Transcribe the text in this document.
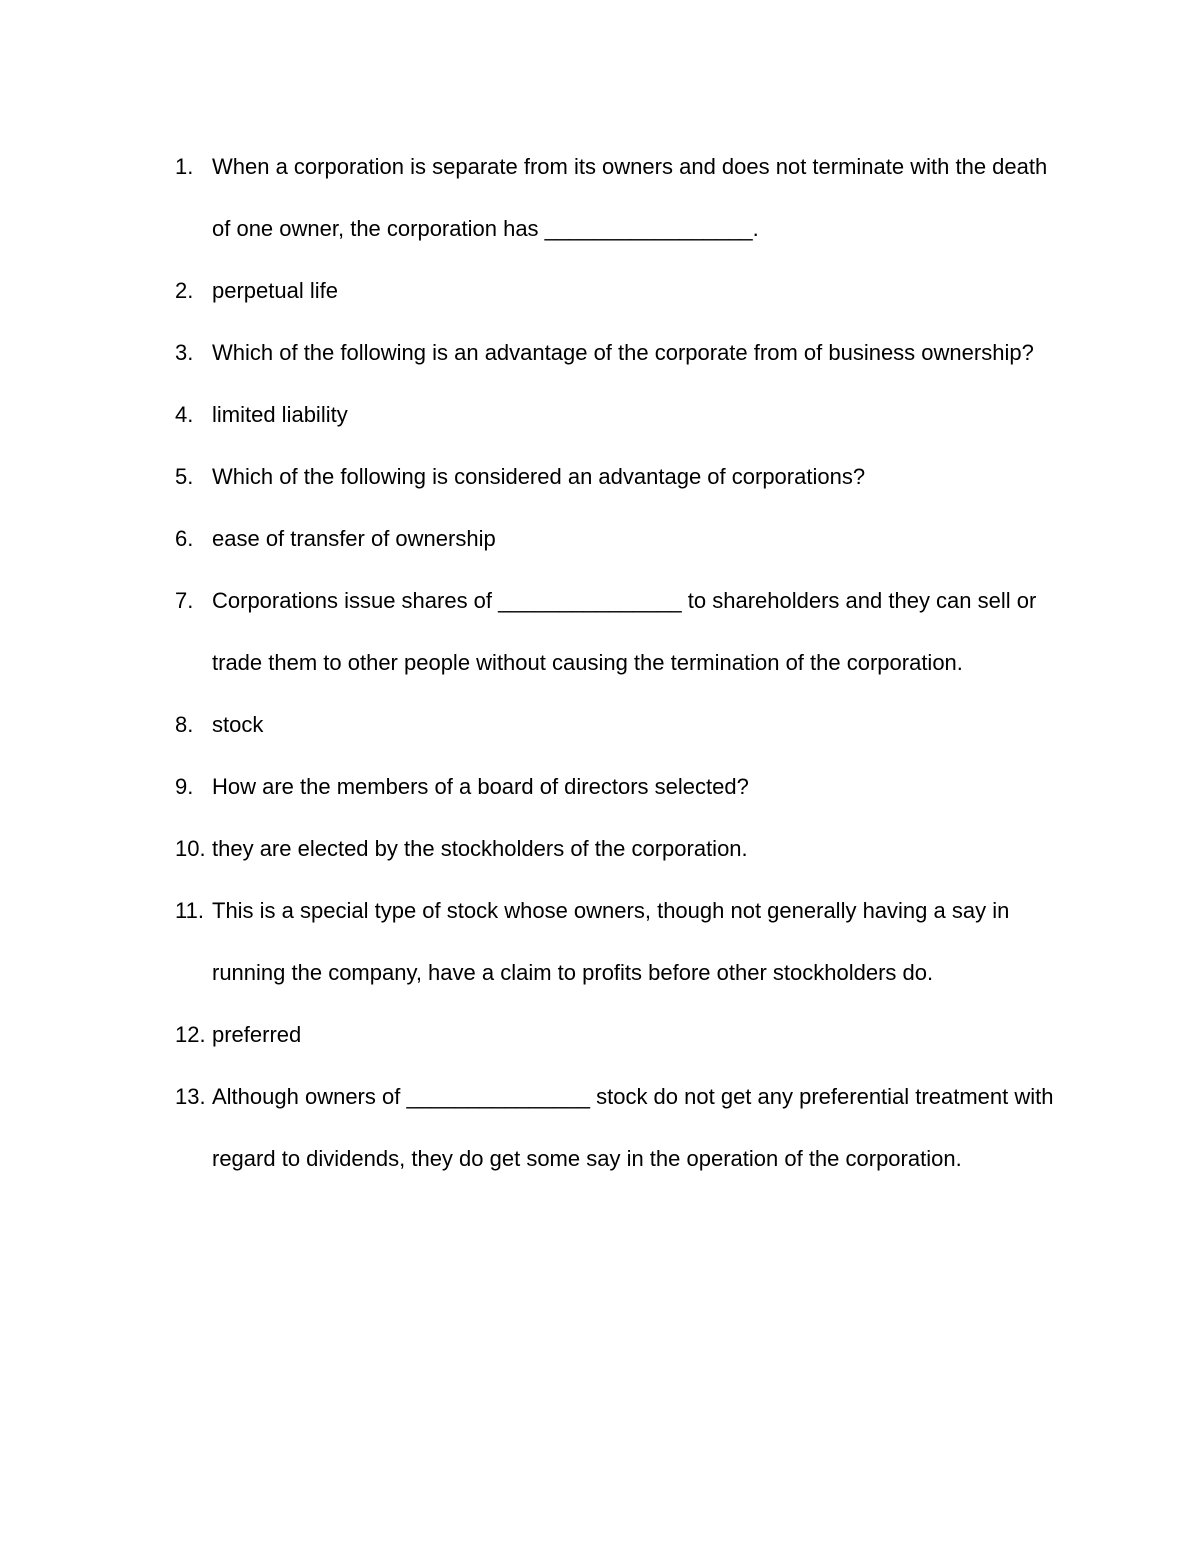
1. When a corporation is separate from its owners and does not terminate with the death of one owner, the corporation has _________________.
2. perpetual life
3. Which of the following is an advantage of the corporate from of business ownership?
4. limited liability
5. Which of the following is considered an advantage of corporations?
6. ease of transfer of ownership
7. Corporations issue shares of _______________ to shareholders and they can sell or trade them to other people without causing the termination of the corporation.
8. stock
9. How are the members of a board of directors selected?
10. they are elected by the stockholders of the corporation.
11. This is a special type of stock whose owners, though not generally having a say in running the company, have a claim to profits before other stockholders do.
12. preferred
13. Although owners of _______________ stock do not get any preferential treatment with regard to dividends, they do get some say in the operation of the corporation.
